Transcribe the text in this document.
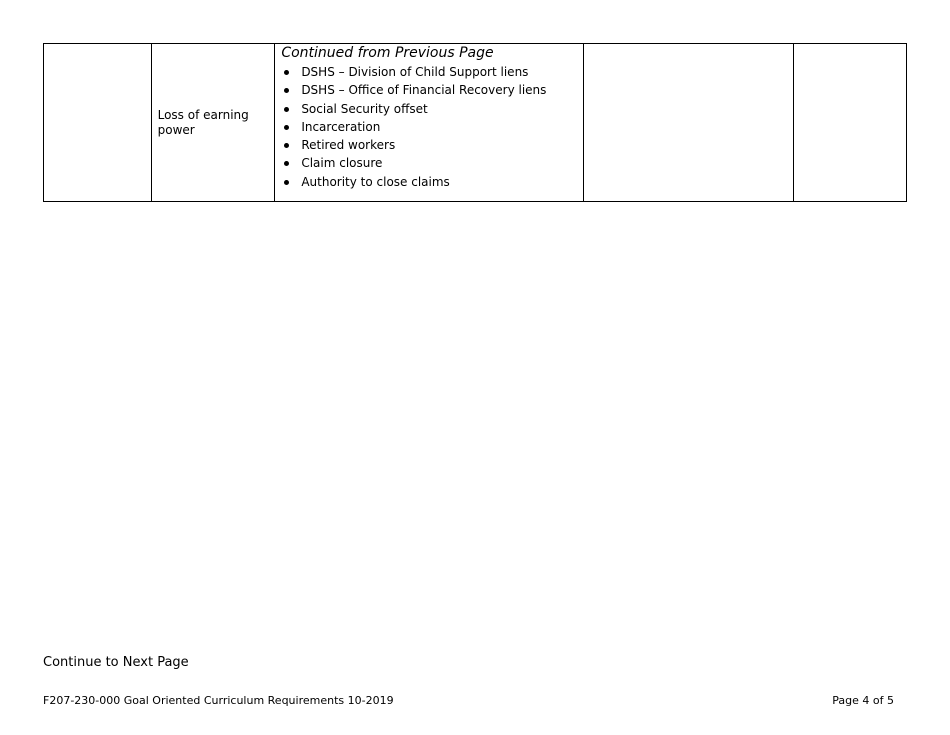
Loss of earning power

Continued from Previous Page
DSHS – Division of Child Support liens
DSHS – Office of Financial Recovery liens
Social Security offset
Incarceration
Retired workers
Claim closure
Authority to close claims

Continue to Next Page
F207-230-000 Goal Oriented Curriculum Requirements 10-2019	Page 4 of 5
